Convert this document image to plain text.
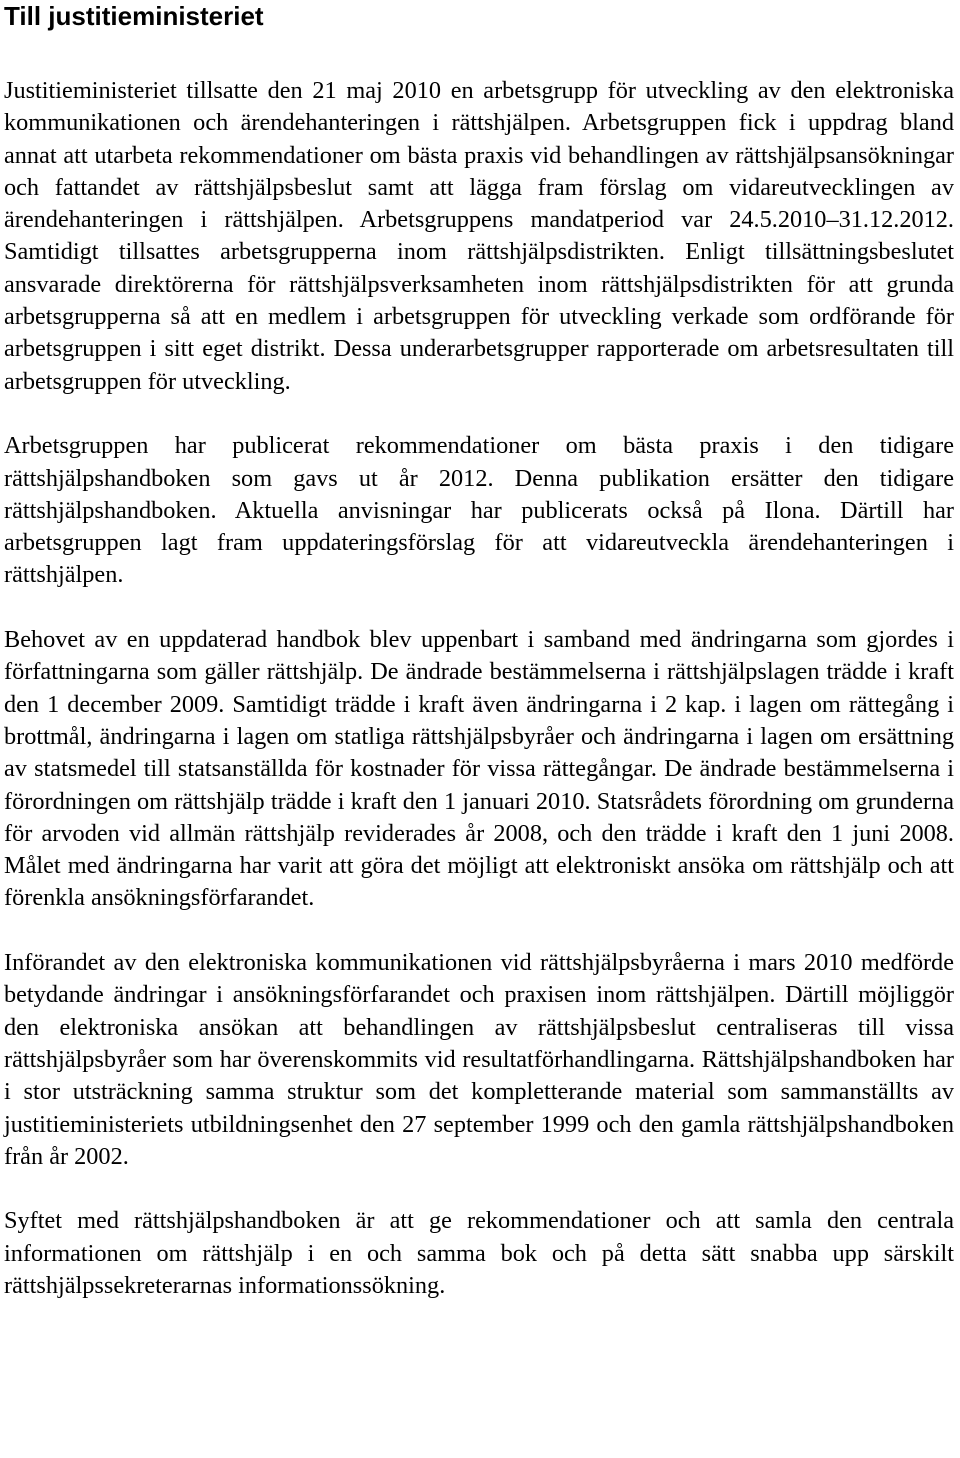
Till justitieministeriet

Justitieministeriet tillsatte den 21 maj 2010 en arbetsgrupp för utveckling av den elektroniska kommunikationen och ärendehanteringen i rättshjälpen. Arbetsgruppen fick i uppdrag bland annat att utarbeta rekommendationer om bästa praxis vid behandlingen av rättshjälpsansökningar och fattandet av rättshjälpsbeslut samt att lägga fram förslag om vidareutvecklingen av ärendehanteringen i rättshjälpen. Arbetsgruppens mandatperiod var 24.5.2010–31.12.2012. Samtidigt tillsattes arbetsgrupperna inom rättshjälpsdistrikten. Enligt tillsättningsbeslutet ansvarade direktörerna för rättshjälpsverksamheten inom rättshjälpsdistrikten för att grunda arbetsgrupperna så att en medlem i arbetsgruppen för utveckling verkade som ordförande för arbetsgruppen i sitt eget distrikt. Dessa underarbetsgrupper rapporterade om arbetsresultaten till arbetsgruppen för utveckling.

Arbetsgruppen har publicerat rekommendationer om bästa praxis i den tidigare rättshjälpshandboken som gavs ut år 2012. Denna publikation ersätter den tidigare rättshjälpshandboken. Aktuella anvisningar har publicerats också på Ilona. Därtill har arbetsgruppen lagt fram uppdateringsförslag för att vidareutveckla ärendehanteringen i rättshjälpen.

Behovet av en uppdaterad handbok blev uppenbart i samband med ändringarna som gjordes i författningarna som gäller rättshjälp. De ändrade bestämmelserna i rättshjälpslagen trädde i kraft den 1 december 2009. Samtidigt trädde i kraft även ändringarna i 2 kap. i lagen om rättegång i brottmål, ändringarna i lagen om statliga rättshjälpsbyråer och ändringarna i lagen om ersättning av statsmedel till statsanställda för kostnader för vissa rättegångar. De ändrade bestämmelserna i förordningen om rättshjälp trädde i kraft den 1 januari 2010. Statsrådets förordning om grunderna för arvoden vid allmän rättshjälp reviderades år 2008, och den trädde i kraft den 1 juni 2008. Målet med ändringarna har varit att göra det möjligt att elektroniskt ansöka om rättshjälp och att förenkla ansökningsförfarandet.

Införandet av den elektroniska kommunikationen vid rättshjälpsbyråerna i mars 2010 medförde betydande ändringar i ansökningsförfarandet och praxisen inom rättshjälpen. Därtill möjliggör den elektroniska ansökan att behandlingen av rättshjälpsbeslut centraliseras till vissa rättshjälpsbyråer som har överenskommits vid resultatförhandlingarna. Rättshjälpshandboken har i stor utsträckning samma struktur som det kompletterande material som sammanställts av justitieministeriets utbildningsenhet den 27 september 1999 och den gamla rättshjälpshandboken från år 2002.

Syftet med rättshjälpshandboken är att ge rekommendationer och att samla den centrala informationen om rättshjälp i en och samma bok och på detta sätt snabba upp särskilt rättshjälpssekreterarnas informationssökning.
